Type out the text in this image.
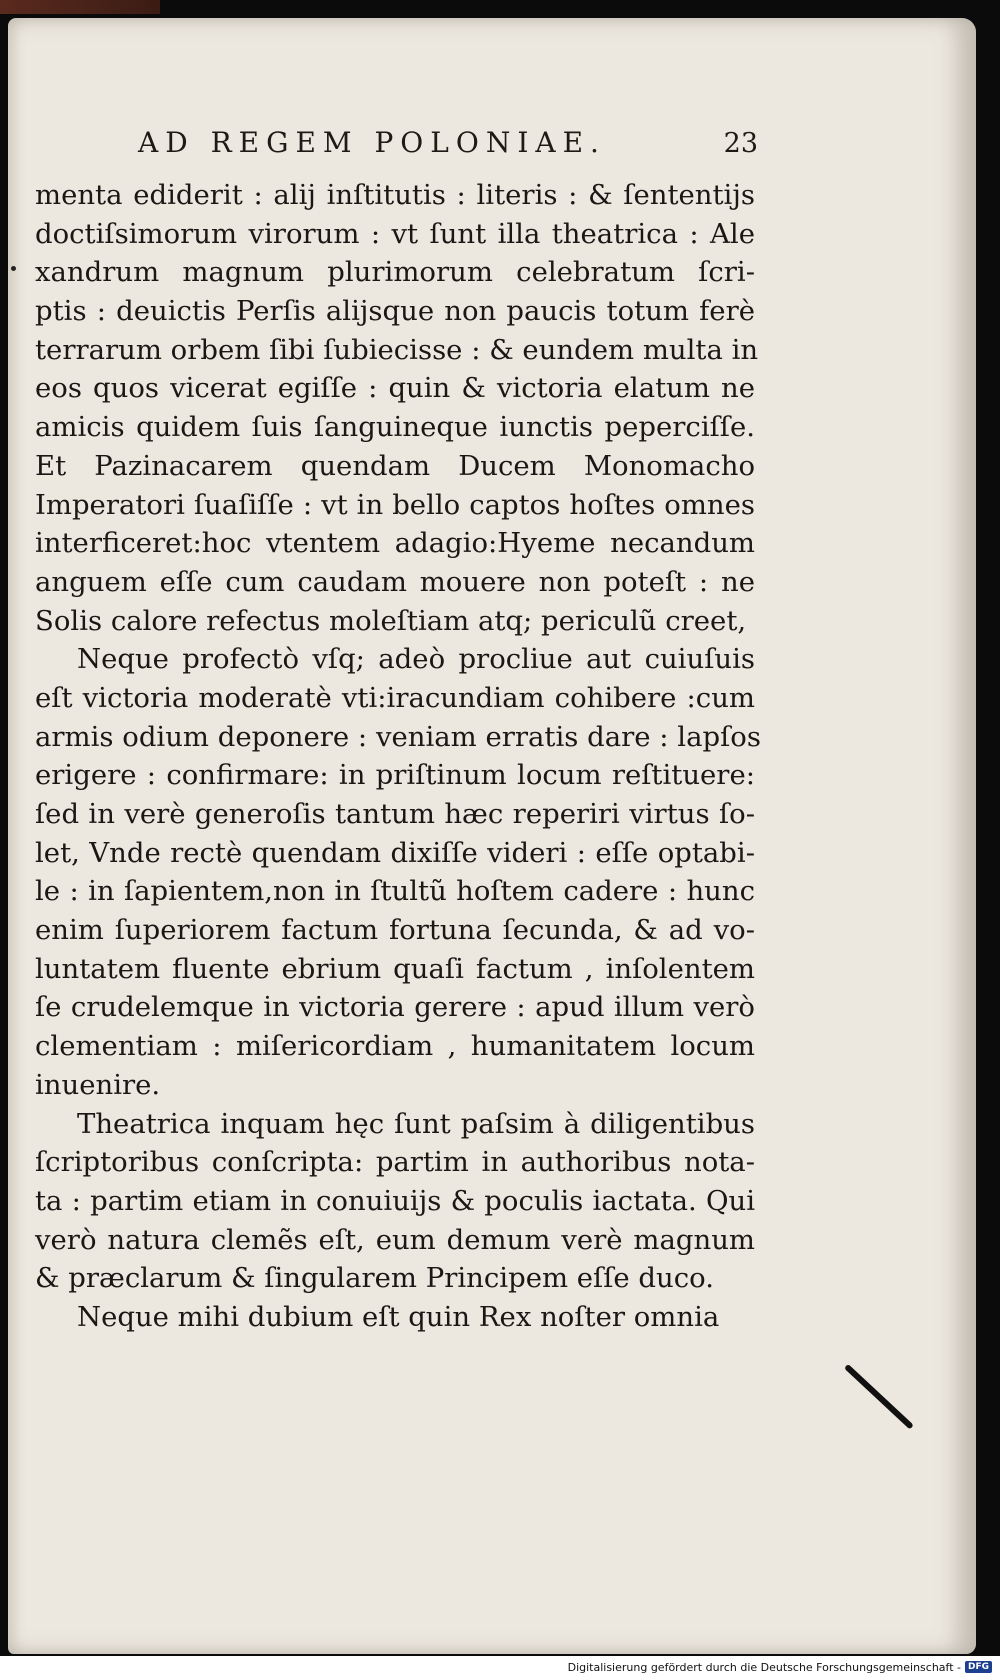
AD REGEM POLONIAE.	23
menta ediderit : alij inſtitutis : literis : & ſententijs
doctiſsimorum virorum : vt ſunt illa theatrica : Ale
xandrum magnum plurimorum celebratum ſcri-
ptis : deuictis Perſis alijsque non paucis totum ferè
terrarum orbem ſibi ſubiecisse : & eundem multa in
eos quos vicerat egiſſe : quin & victoria elatum ne
amicis quidem ſuis ſanguineque iunctis peperciſſe.
Et Pazinacarem quendam Ducem Monomacho
Imperatori ſuaſiſſe : vt in bello captos hoſtes omnes
interficeret:hoc vtentem adagio:Hyeme necandum
anguem eſſe cum caudam mouere non poteſt : ne
Solis calore refectus moleſtiam atq; periculũ creet,
Neque profectò vſq; adeò procliue aut cuiuſuis
eſt victoria moderatè vti:iracundiam cohibere :cum
armis odium deponere : veniam erratis dare : lapſos
erigere : confirmare: in priſtinum locum reſtituere:
ſed in verè generoſis tantum hæc reperiri virtus ſo-
let, Vnde rectè quendam dixiſſe videri : eſſe optabi-
le : in ſapientem,non in ſtultũ hoſtem cadere : hunc
enim ſuperiorem factum fortuna ſecunda, & ad vo-
luntatem fluente ebrium quaſi factum , inſolentem
ſe crudelemque in victoria gerere : apud illum verò
clementiam : miſericordiam , humanitatem locum
inuenire.
Theatrica inquam hęc ſunt paſsim à diligentibus
ſcriptoribus conſcripta: partim in authoribus nota-
ta : partim etiam in conuiuijs & poculis iactata. Qui
verò natura clemẽs eſt, eum demum verè magnum
& præclarum & ſingularem Principem eſſe duco.
Neque mihi dubium eſt quin Rex noſter omnia
Digitalisierung gefördert durch die Deutsche Forschungsgemeinschaft - DFG
